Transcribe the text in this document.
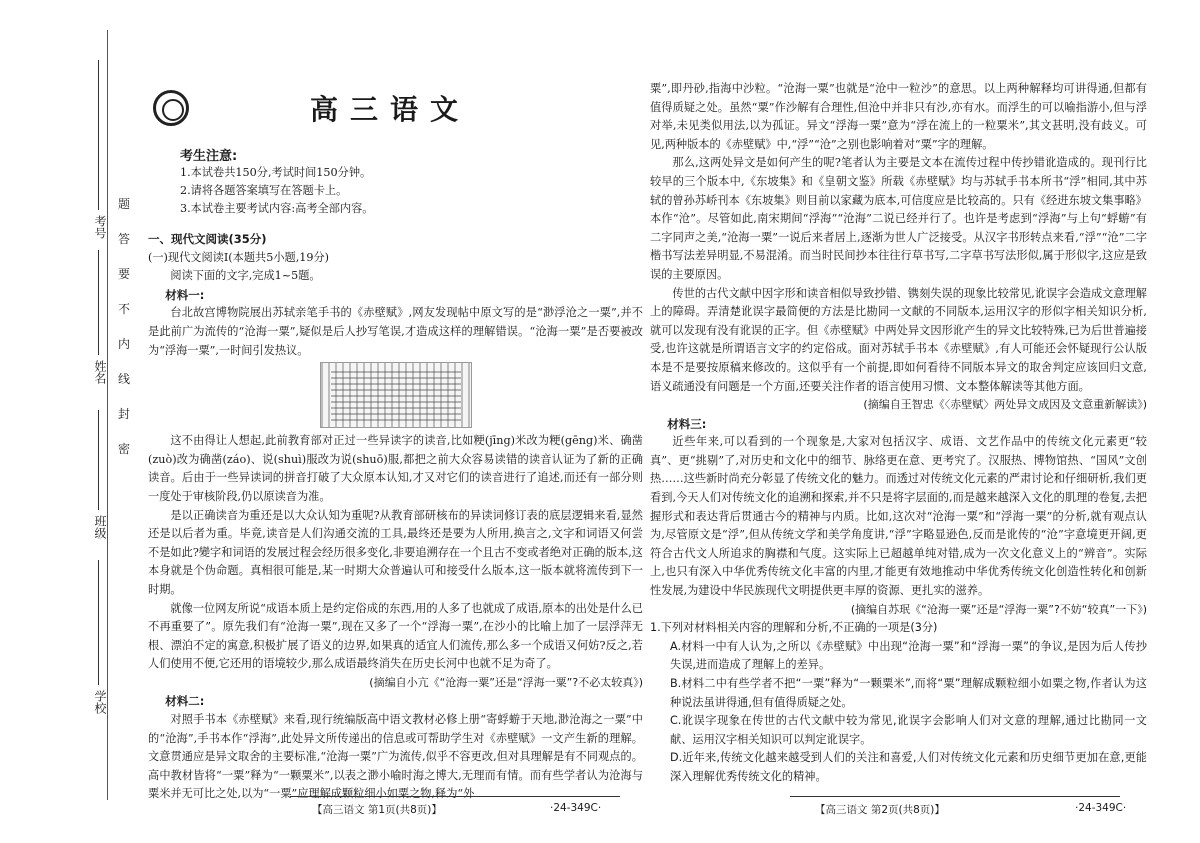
考号
姓名
班级
学校
题
答
要
不
内
线
封
密
高三语文
考生注意:
1.本试卷共150分,考试时间150分钟。
2.请将各题答案填写在答题卡上。
3.本试卷主要考试内容:高考全部内容。

一、现代文阅读(35分)

(一)现代文阅读Ⅰ(本题共5小题,19分)

阅读下面的文字,完成1~5题。

材料一:

台北故宫博物院展出苏轼亲笔手书的《赤壁赋》,网友发现帖中原文写的是“渺浮沧之一粟”,并不是此前广为流传的“沧海一粟”,疑似是后人抄写笔误,才造成这样的理解错误。“沧海一粟”是否要被改为“浮海一粟”,一时间引发热议。

这不由得让人想起,此前教育部对正过一些异读字的读音,比如粳(jīng)米改为粳(gēng)米、确凿(zuò)改为确凿(záo)、说(shuì)服改为说(shuō)服,都把之前大众容易读错的读音认证为了新的正确读音。后由于一些异读词的拼音打破了大众原本认知,才又对它们的读音进行了追述,而还有一部分则一度处于审核阶段,仍以原读音为准。

是以正确读音为重还是以大众认知为重呢?从教育部研核布的异读词修订表的底层逻辑来看,显然还是以后者为重。毕竟,读音是人们沟通交流的工具,最终还是要为人所用,换言之,文字和词语又何尝不是如此?變字和词语的发展过程会经历很多变化,非要追溯存在一个且古不变或者绝对正确的版本,这本身就是个伪命题。真相很可能是,某一时期大众普遍认可和接受什么版本,这一版本就将流传到下一时期。

就像一位网友所说“成语本质上是约定俗成的东西,用的人多了也就成了成语,原本的出处是什么已不再重要了”。原先我们有“沧海一粟”,现在又多了一个“浮海一粟”,在沙小的比喻上加了一层浮萍无根、漂泊不定的寓意,积极扩展了语义的边界,如果真的适宜人们流传,那么多一个成语又何妨?反之,若人们使用不便,它还用的语境较少,那么成语最终消失在历史长河中也就不足为奇了。

(摘编自小亢《“沧海一粟”还是“浮海一粟”?不必太较真》)

材料二:

对照手书本《赤壁赋》来看,现行统编版高中语文教材必修上册“寄蜉蝣于天地,渺沧海之一粟”中的“沧海”,手书本作“浮海”,此处异文所传递出的信息或可帮助学生对《赤壁赋》一文产生新的理解。文意贯通应是异文取舍的主要标准,“沧海一粟”广为流传,似乎不容更改,但对具理解是有不同观点的。高中教材皆将“一粟”释为“一颗粟米”,以表之渺小喻时海之博大,无理而有情。而有些学者认为沧海与粟米并无可比之处,以为“一粟”应理解成颗粒细小如粟之物,释为“外

粟”,即丹砂,指海中沙粒。“沧海一粟”也就是“沧中一粒沙”的意思。以上两种解释均可讲得通,但都有值得质疑之处。虽然“粟”作沙解有合理性,但沧中并非只有沙,亦有水。而浮生的可以喻指游小,但与浮对举,未见类似用法,以为孤证。异文“浮海一粟”意为“浮在流上的一粒粟米”,其文甚明,没有歧义。可见,两种版本的《赤壁赋》中,“浮”“沧”之别也影响着对“粟”字的理解。

那么,这两处异文是如何产生的呢?笔者认为主要是文本在流传过程中传抄错讹造成的。现刊行比较早的三个版本中,《东坡集》和《皇朝文鉴》所载《赤壁赋》均与苏轼手书本所书“浮”相同,其中苏轼的曾孙苏峤刊本《东坡集》则目前以家藏为底本,可信度应是比较高的。只有《经进东坡文集事略》本作“沧”。尽管如此,南宋期间“浮海”“沧海”二说已经并行了。也许是考虑到“浮海”与上句“蜉蝣”有二字同声之美,“沧海一粟”一说后来者居上,逐渐为世人广泛接受。从汉字书形转点来看,“浮”“沧”二字楷书写法差异明显,不易混淆。而当时民间抄本往往行草书写,二字草书写法形似,属于形似字,这应是致误的主要原因。

传世的古代文献中因字形和读音相似导致抄错、镌刻失误的现象比较常见,讹误字会造成文意理解上的障碍。弄清楚讹误字最简便的方法是比勘同一文献的不同版本,运用汉字的形似字相关知识分析,就可以发现有没有讹误的正字。但《赤壁赋》中两处异文因形讹产生的异文比较特殊,已为后世普遍接受,也许这就是所谓语言文字的约定俗成。面对苏轼手书本《赤壁赋》,有人可能还会怀疑现行公认版本是不是要按原稿来修改的。这似乎有一个前提,即如何看待不同版本异文的取舍判定应该回归文意,语义疏通没有问题是一个方面,还要关注作者的语言使用习惯、文本整体解读等其他方面。

(摘编自王智忠《〈赤壁赋〉两处异文成因及文意重新解读》)

材料三:

近些年来,可以看到的一个现象是,大家对包括汉字、成语、文艺作品中的传统文化元素更“较真”、更“挑剔”了,对历史和文化中的细节、脉络更在意、更考究了。汉服热、博物馆热、“国风”文创热……这些新时尚充分彰显了传统文化的魅力。而透过对传统文化元素的严肃讨论和仔细研析,我们更看到,今天人们对传统文化的追溯和探索,并不只是将字层面的,而是越来越深入文化的肌理的卷复,去把握形式和表达背后贯通古今的精神与内质。比如,这次对“沧海一粟”和“浮海一粟”的分析,就有观点认为,尽管原文是“浮”,但从传统文学和美学角度讲,“浮”字略显逊色,反而是讹传的“沧”字意境更开阔,更符合古代文人所追求的胸襟和气度。这实际上已超越单纯对错,成为一次文化意义上的“辨音”。实际上,也只有深入中华优秀传统文化丰富的内里,才能更有效地推动中华优秀传统文化创造性转化和创新性发展,为建设中华民族现代文明提供更丰厚的资源、更扎实的滋养。

(摘编自苏珉《“沧海一粟”还是“浮海一粟”?不妨“较真”一下》)

1.下列对材料相关内容的理解和分析,不正确的一项是(3分)

A.材料一中有人认为,之所以《赤壁赋》中出现“沧海一粟”和“浮海一粟”的争议,是因为后人传抄失误,进而造成了理解上的差异。

B.材料二中有些学者不把“一粟”释为“一颗粟米”,而将“粟”理解成颗粒细小如粟之物,作者认为这种说法虽讲得通,但有值得质疑之处。

C.讹误字现象在传世的古代文献中较为常见,讹误字会影响人们对文意的理解,通过比勘同一文献、运用汉字相关知识可以判定讹误字。

D.近年来,传统文化越来越受到人们的关注和喜爱,人们对传统文化元素和历史细节更加在意,更能深入理解优秀传统文化的精神。

【高三语文 第1页(共8页)】	·24-349C·	【高三语文 第2页(共8页)】	·24-349C·
